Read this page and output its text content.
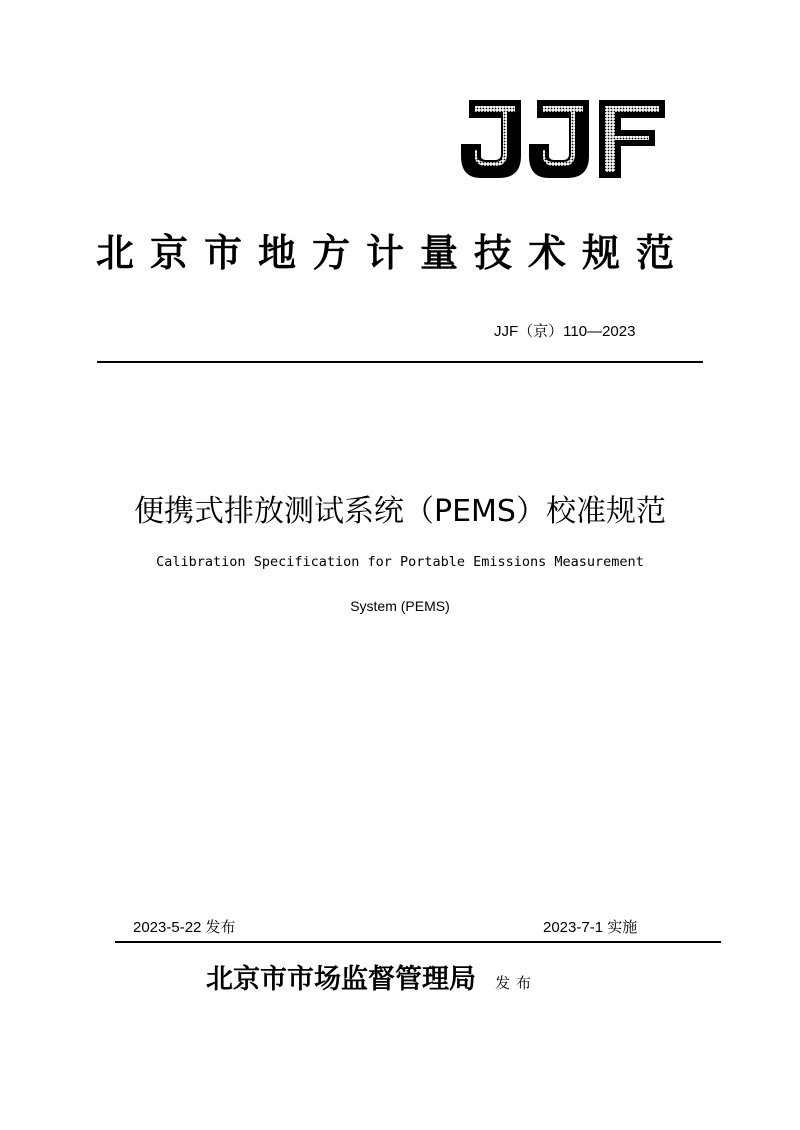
北京市地方计量技术规范
JJF（京）110—2023
便携式排放测试系统（PEMS）校准规范
Calibration Specification for Portable Emissions Measurement
System (PEMS)
2023-5-22 发布	2023-7-1 实施
北京市市场监督管理局 发布
